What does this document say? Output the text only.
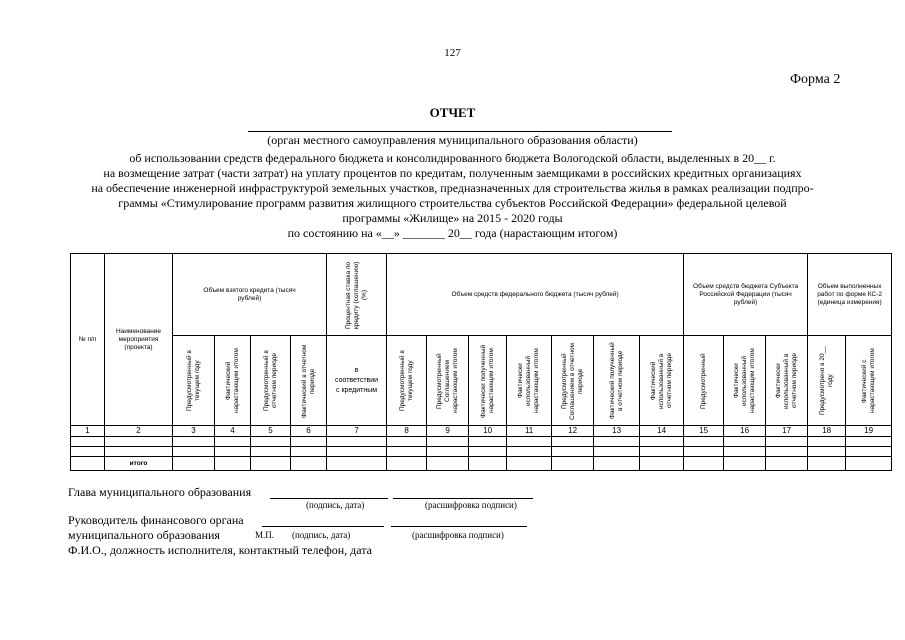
127
Форма 2
ОТЧЕТ
(орган местного самоуправления муниципального образования области)
об использовании средств федерального бюджета и консолидированного бюджета Вологодской области, выделенных в 20__ г.
на возмещение затрат (части затрат) на уплату процентов по кредитам, полученным заемщиками в российских кредитных организациях
на обеспечение инженерной инфраструктурой земельных участков, предназначенных для строительства жилья в рамках реализации подпро-
граммы «Стимулирование программ развития жилищного строительства субъектов Российской Федерации» федеральной целевой
программы «Жилище» на 2015 - 2020 годы
по состоянию на «__» _______ 20__ года (нарастающим итогом)
№ п/п	Наименование мероприятия (проекта)	Объем взятого кредита (тысяч рублей)				Процентная ставка по кредиту (соглашению) (%)	Объем средств федерального бюджета (тысяч рублей)							Объем средств бюджета Субъекта Российской Федерации (тысяч рублей)			Объем выполненных работ по форме КС-2 (единица измерения)	

		Предусмотренный в текущем году	Фактический нарастающим итогом	Предусмотренный в отчетном периоде	Фактический в отчетном периоде	в соответствии с кредитным	Предусмотренный в текущем году	Предусмотренный Соглашением нарастающим итогом	Фактически полученный нарастающим итогом	Фактически использованный нарастающим итогом	Предусмотренный Соглашением в отчетном периоде	Фактический полученный в отчетном периоде	Фактический использованный в отчетном периоде	Предусмотренный	Фактически использованный нарастающим итогом	Фактически использованный в отчетном периоде	Предусмотрено в 20__ году	Фактический с нарастающим итогом

1	2	3	4	5	6	7	8	9	10	11	12	13	14	15	16	17	18	19

	итого																	
Глава муниципального образования
(подпись, дата)	(расшифровка подписи)
Руководитель финансового органа
муниципального образования	М.П. (подпись, дата)	(расшифровка подписи)
Ф.И.О., должность исполнителя, контактный телефон, дата
